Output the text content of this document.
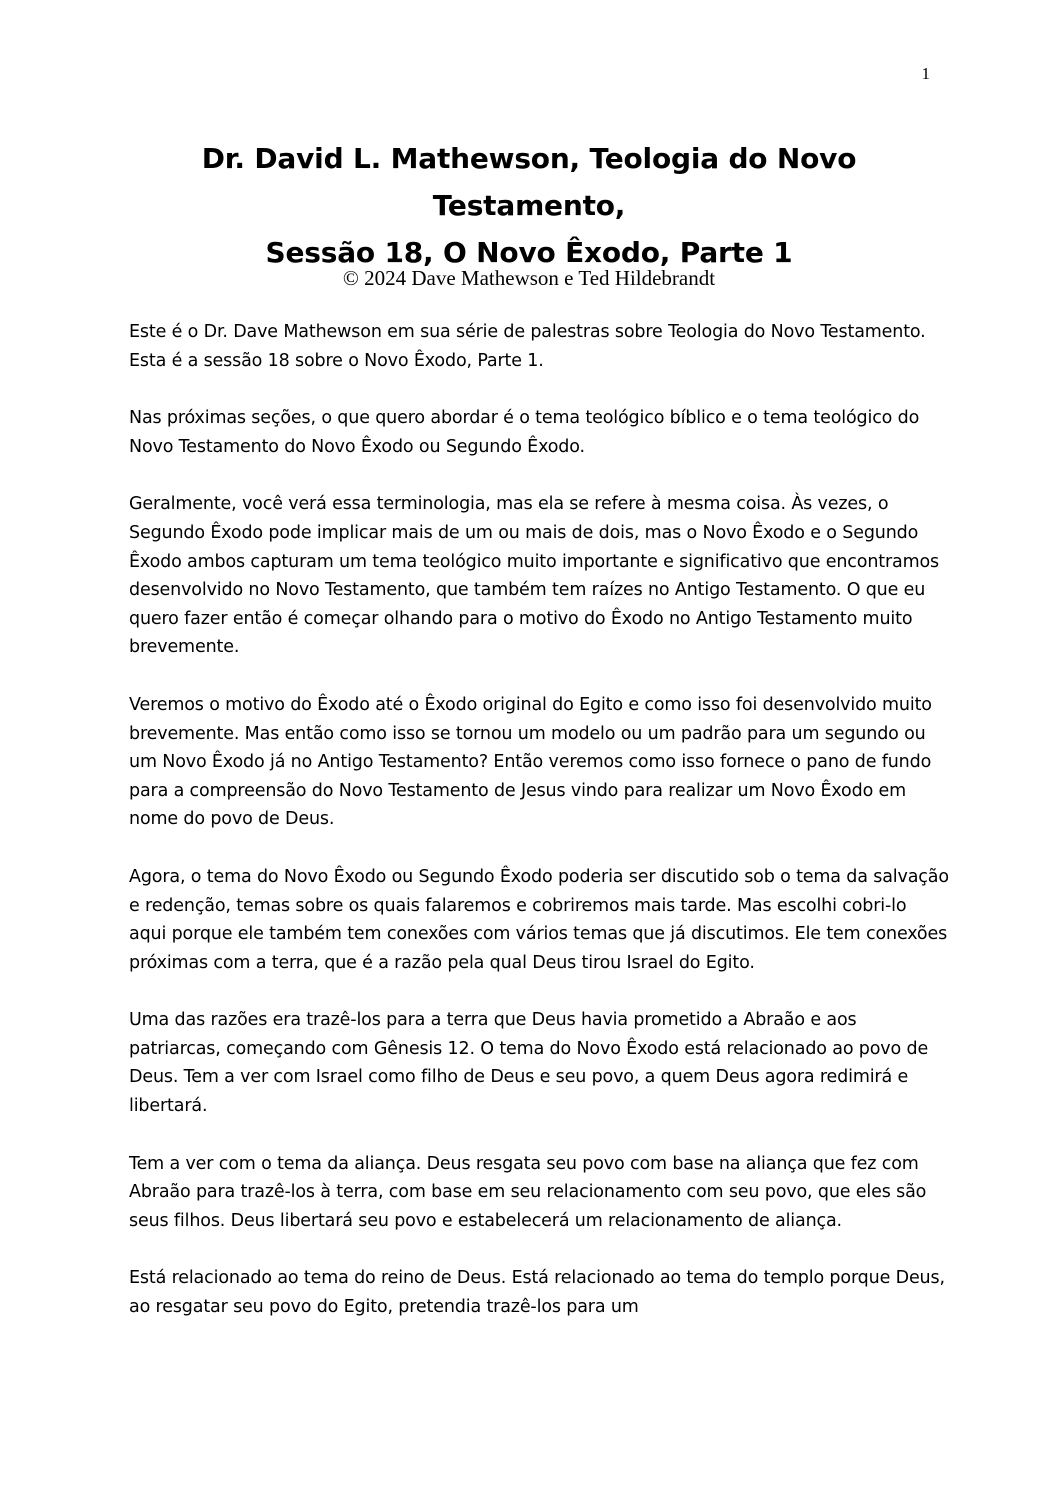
1
Dr. David L. Mathewson, Teologia do Novo
Testamento,
Sessão 18, O Novo Êxodo, Parte 1
© 2024 Dave Mathewson e Ted Hildebrandt

Este é o Dr. Dave Mathewson em sua série de palestras sobre Teologia do Novo Testamento. Esta é a sessão 18 sobre o Novo Êxodo, Parte 1.

Nas próximas seções, o que quero abordar é o tema teológico bíblico e o tema teológico do Novo Testamento do Novo Êxodo ou Segundo Êxodo.

Geralmente, você verá essa terminologia, mas ela se refere à mesma coisa. Às vezes, o Segundo Êxodo pode implicar mais de um ou mais de dois, mas o Novo Êxodo e o Segundo Êxodo ambos capturam um tema teológico muito importante e significativo que encontramos desenvolvido no Novo Testamento, que também tem raízes no Antigo Testamento. O que eu quero fazer então é começar olhando para o motivo do Êxodo no Antigo Testamento muito brevemente.

Veremos o motivo do Êxodo até o Êxodo original do Egito e como isso foi desenvolvido muito brevemente. Mas então como isso se tornou um modelo ou um padrão para um segundo ou um Novo Êxodo já no Antigo Testamento? Então veremos como isso fornece o pano de fundo para a compreensão do Novo Testamento de Jesus vindo para realizar um Novo Êxodo em nome do povo de Deus.

Agora, o tema do Novo Êxodo ou Segundo Êxodo poderia ser discutido sob o tema da salvação e redenção, temas sobre os quais falaremos e cobriremos mais tarde. Mas escolhi cobri-lo aqui porque ele também tem conexões com vários temas que já discutimos. Ele tem conexões próximas com a terra, que é a razão pela qual Deus tirou Israel do Egito.

Uma das razões era trazê-los para a terra que Deus havia prometido a Abraão e aos patriarcas, começando com Gênesis 12. O tema do Novo Êxodo está relacionado ao povo de Deus. Tem a ver com Israel como filho de Deus e seu povo, a quem Deus agora redimirá e libertará.

Tem a ver com o tema da aliança. Deus resgata seu povo com base na aliança que fez com Abraão para trazê-los à terra, com base em seu relacionamento com seu povo, que eles são seus filhos. Deus libertará seu povo e estabelecerá um relacionamento de aliança.

Está relacionado ao tema do reino de Deus. Está relacionado ao tema do templo porque Deus, ao resgatar seu povo do Egito, pretendia trazê-los para um
